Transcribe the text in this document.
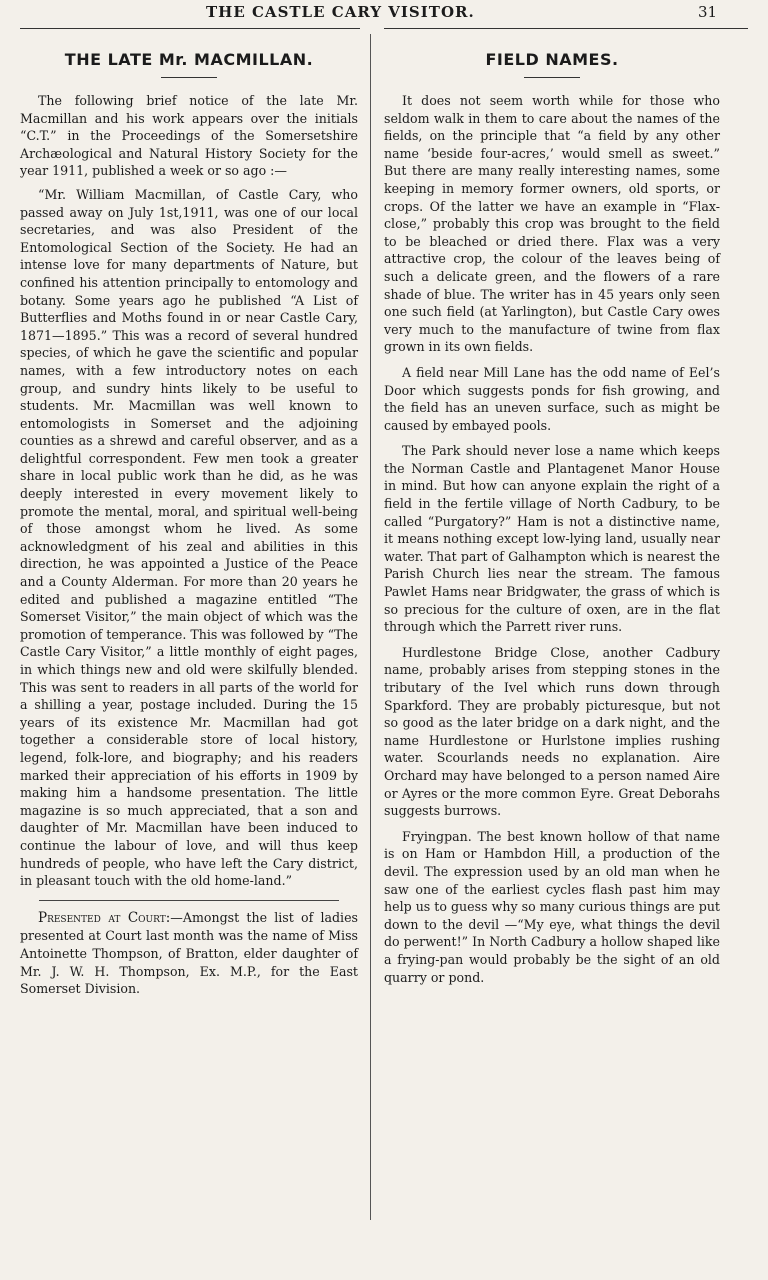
THE CASTLE CARY VISITOR.	31
THE LATE Mr. MACMILLAN.

The following brief notice of the late Mr. Macmillan and his work appears over the initials “C.T.” in the Proceedings of the Somersetshire Archæological and Natural History Society for the year 1911, published a week or so ago :—

“Mr. William Macmillan, of Castle Cary, who passed away on July 1st,1911, was one of our local secretaries, and was also President of the Entomological Section of the Society. He had an intense love for many departments of Nature, but confined his attention principally to entomology and botany. Some years ago he published “A List of Butterflies and Moths found in or near Castle Cary, 1871—1895.” This was a record of several hundred species, of which he gave the scientific and popular names, with a few introductory notes on each group, and sundry hints likely to be useful to students. Mr. Macmillan was well known to entomologists in Somerset and the adjoining counties as a shrewd and careful observer, and as a delightful correspondent. Few men took a greater share in local public work than he did, as he was deeply interested in every movement likely to promote the mental, moral, and spiritual well-being of those amongst whom he lived. As some acknowledgment of his zeal and abilities in this direction, he was appointed a Justice of the Peace and a County Alderman. For more than 20 years he edited and published a magazine entitled “The Somerset Visitor,” the main object of which was the promotion of temperance. This was followed by “The Castle Cary Visitor,” a little monthly of eight pages, in which things new and old were skilfully blended. This was sent to readers in all parts of the world for a shilling a year, postage included. During the 15 years of its existence Mr. Macmillan had got together a considerable store of local history, legend, folk-lore, and biography; and his readers marked their appreciation of his efforts in 1909 by making him a handsome presentation. The little magazine is so much appreciated, that a son and daughter of Mr. Macmillan have been induced to continue the labour of love, and will thus keep hundreds of people, who have left the Cary district, in pleasant touch with the old home-land.”

Presented at Court:—Amongst the list of ladies presented at Court last month was the name of Miss Antoinette Thompson, of Bratton, elder daughter of Mr. J. W. H. Thompson, Ex. M.P., for the East Somerset Division.

FIELD NAMES.

It does not seem worth while for those who seldom walk in them to care about the names of the fields, on the principle that “a field by any other name ‘beside four-acres,’ would smell as sweet.” But there are many really interesting names, some keeping in memory former owners, old sports, or crops. Of the latter we have an example in “Flax-close,” probably this crop was brought to the field to be bleached or dried there. Flax was a very attractive crop, the colour of the leaves being of such a delicate green, and the flowers of a rare shade of blue. The writer has in 45 years only seen one such field (at Yarlington), but Castle Cary owes very much to the manufacture of twine from flax grown in its own fields.

A field near Mill Lane has the odd name of Eel’s Door which suggests ponds for fish growing, and the field has an uneven surface, such as might be caused by embayed pools.

The Park should never lose a name which keeps the Norman Castle and Plantagenet Manor House in mind. But how can anyone explain the right of a field in the fertile village of North Cadbury, to be called “Purgatory?” Ham is not a distinctive name, it means nothing except low-lying land, usually near water. That part of Galhampton which is nearest the Parish Church lies near the stream. The famous Pawlet Hams near Bridgwater, the grass of which is so precious for the culture of oxen, are in the flat through which the Parrett river runs.

Hurdlestone Bridge Close, another Cadbury name, probably arises from stepping stones in the tributary of the Ivel which runs down through Sparkford. They are probably picturesque, but not so good as the later bridge on a dark night, and the name Hurdlestone or Hurlstone implies rushing water. Scourlands needs no explanation. Aire Orchard may have belonged to a person named Aire or Ayres or the more common Eyre. Great Deborahs suggests burrows.

Fryingpan. The best known hollow of that name is on Ham or Hambdon Hill, a production of the devil. The expression used by an old man when he saw one of the earliest cycles flash past him may help us to guess why so many curious things are put down to the devil —“My eye, what things the devil do perwent!” In North Cadbury a hollow shaped like a frying-pan would probably be the sight of an old quarry or pond.
